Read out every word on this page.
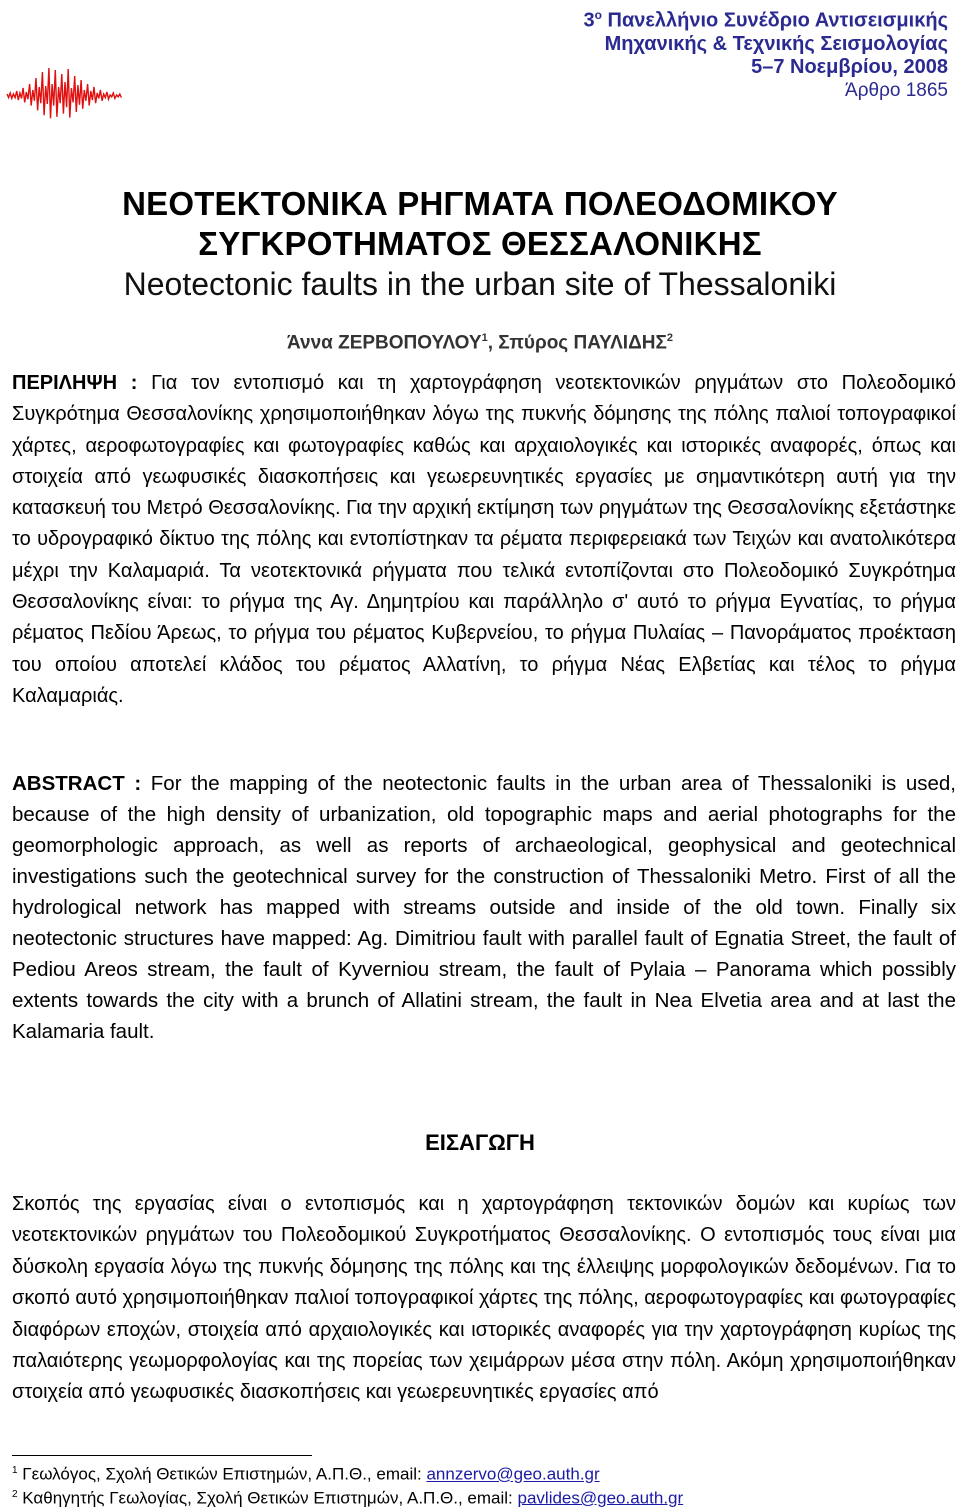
$3^o$ Πανελλήνιο Συνέδριο Αντισεισμικής
Μηχανικής & Τεχνικής Σεισμολογίας
5–7 Νοεμβρίου, 2008
Άρθρο 1865

ΝΕΟΤΕΚΤΟΝΙΚΑ ΡΗΓΜΑΤΑ ΠΟΛΕΟΔΟΜΙΚΟΥ

ΣΥΓΚΡΟΤΗΜΑΤΟΣ ΘΕΣΣΑΛΟΝΙΚΗΣ

Neotectonic faults in the urban site of Thessaloniki

Άννα ΖΕΡΒΟΠΟΥΛΟΥ$^1$, Σπύρος ΠΑΥΛΙΔΗΣ$^2$

ΠΕΡΙΛΗΨΗ : Για τον εντοπισμό και τη χαρτογράφηση νεοτεκτονικών ρηγμάτων στο Πολεοδομικό Συγκρότημα Θεσσαλονίκης χρησιμοποιήθηκαν λόγω της πυκνής δόμησης της πόλης παλιοί τοπογραφικοί χάρτες, αεροφωτογραφίες και φωτογραφίες καθώς και αρχαιολογικές και ιστορικές αναφορές, όπως και στοιχεία από γεωφυσικές διασκοπήσεις και γεωερευνητικές εργασίες με σημαντικότερη αυτή για την κατασκευή του Μετρό Θεσσαλονίκης. Για την αρχική εκτίμηση των ρηγμάτων της Θεσσαλονίκης εξετάστηκε το υδρογραφικό δίκτυο της πόλης και εντοπίστηκαν τα ρέματα περιφερειακά των Τειχών και ανατολικότερα μέχρι την Καλαμαριά. Τα νεοτεκτονικά ρήγματα που τελικά εντοπίζονται στο Πολεοδομικό Συγκρότημα Θεσσαλονίκης είναι: το ρήγμα της Αγ. Δημητρίου και παράλληλο σ' αυτό το ρήγμα Εγνατίας, το ρήγμα ρέματος Πεδίου Άρεως, το ρήγμα του ρέματος Κυβερνείου, το ρήγμα Πυλαίας – Πανοράματος προέκταση του οποίου αποτελεί κλάδος του ρέματος Αλλατίνη, το ρήγμα Νέας Ελβετίας και τέλος το ρήγμα Καλαμαριάς.

ABSTRACT : For the mapping of the neotectonic faults in the urban area of Thessaloniki is used, because of the high density of urbanization, old topographic maps and aerial photographs for the geomorphologic approach, as well as reports of archaeological, geophysical and geotechnical investigations such the geotechnical survey for the construction of Thessaloniki Metro. First of all the hydrological network has mapped with streams outside and inside of the old town. Finally six neotectonic structures have mapped: Ag. Dimitriou fault with parallel fault of Egnatia Street, the fault of Pediou Areos stream, the fault of Kyverniou stream, the fault of Pylaia – Panorama which possibly extents towards the city with a brunch of Allatini stream, the fault in Nea Elvetia area and at last the Kalamaria fault.

ΕΙΣΑΓΩΓΗ

Σκοπός της εργασίας είναι ο εντοπισμός και η χαρτογράφηση τεκτονικών δομών και κυρίως των νεοτεκτονικών ρηγμάτων του Πολεοδομικού Συγκροτήματος Θεσσαλονίκης. Ο εντοπισμός τους είναι μια δύσκολη εργασία λόγω της πυκνής δόμησης της πόλης και της έλλειψης μορφολογικών δεδομένων. Για το σκοπό αυτό χρησιμοποιήθηκαν παλιοί τοπογραφικοί χάρτες της πόλης, αεροφωτογραφίες και φωτογραφίες διαφόρων εποχών, στοιχεία από αρχαιολογικές και ιστορικές αναφορές για την χαρτογράφηση κυρίως της παλαιότερης γεωμορφολογίας και της πορείας των χειμάρρων μέσα στην πόλη. Ακόμη χρησιμοποιήθηκαν στοιχεία από γεωφυσικές διασκοπήσεις και γεωερευνητικές εργασίες από

$^1$ Γεωλόγος, Σχολή Θετικών Επιστημών, Α.Π.Θ., email: annzervo@geo.auth.gr
$^2$ Καθηγητής Γεωλογίας, Σχολή Θετικών Επιστημών, Α.Π.Θ., email: pavlides@geo.auth.gr
